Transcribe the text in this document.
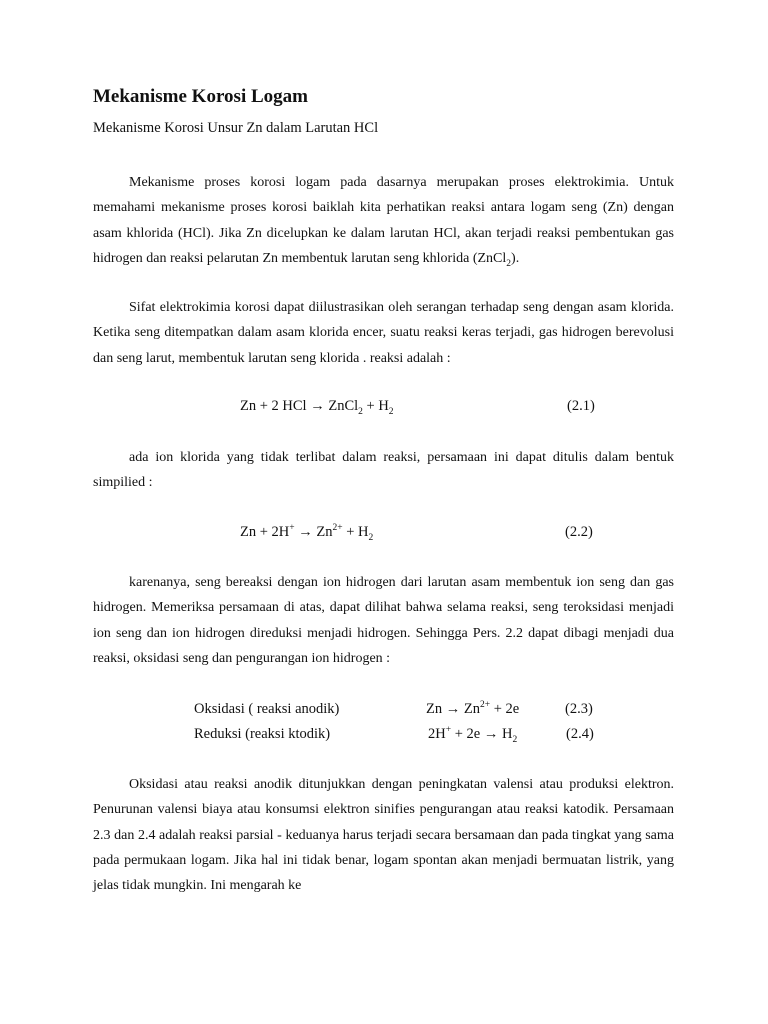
Mekanisme Korosi Logam

Mekanisme Korosi Unsur Zn dalam Larutan HCl

Mekanisme proses korosi logam pada dasarnya merupakan proses elektrokimia. Untuk memahami mekanisme proses korosi baiklah kita perhatikan reaksi antara logam seng (Zn) dengan asam khlorida (HCl). Jika Zn dicelupkan ke dalam larutan HCl, akan terjadi reaksi pembentukan gas hidrogen dan reaksi pelarutan Zn membentuk larutan seng khlorida (ZnCl$_2$).

Sifat elektrokimia korosi dapat diilustrasikan oleh serangan terhadap seng dengan asam klorida. Ketika seng ditempatkan dalam asam klorida encer, suatu reaksi keras terjadi, gas hidrogen berevolusi dan seng larut, membentuk larutan seng klorida . reaksi adalah :

Zn + 2 HCl → ZnCl$_2$ + $H_2$	(2.1)

ada ion klorida yang tidak terlibat dalam reaksi, persamaan ini dapat ditulis dalam bentuk simpilied :

$Zn + 2H^+ \to Zn^{2+} + H_2$	(2.2)

karenanya, seng bereaksi dengan ion hidrogen dari larutan asam membentuk ion seng dan gas hidrogen. Memeriksa persamaan di atas, dapat dilihat bahwa selama reaksi, seng teroksidasi menjadi ion seng dan ion hidrogen direduksi menjadi hidrogen. Sehingga Pers. 2.2 dapat dibagi menjadi dua reaksi, oksidasi seng dan pengurangan ion hidrogen :

Oksidasi ( reaksi anodik)	$Zn \to Zn^{2+} + 2e$	(2.3)
Reduksi (reaksi ktodik)	$2H^+ + 2e \to H_2$	(2.4)

Oksidasi atau reaksi anodik ditunjukkan dengan peningkatan valensi atau produksi elektron. Penurunan valensi biaya atau konsumsi elektron sinifies pengurangan atau reaksi katodik. Persamaan 2.3 dan 2.4 adalah reaksi parsial - keduanya harus terjadi secara bersamaan dan pada tingkat yang sama pada permukaan logam. Jika hal ini tidak benar, logam spontan akan menjadi bermuatan listrik, yang jelas tidak mungkin. Ini mengarah ke
